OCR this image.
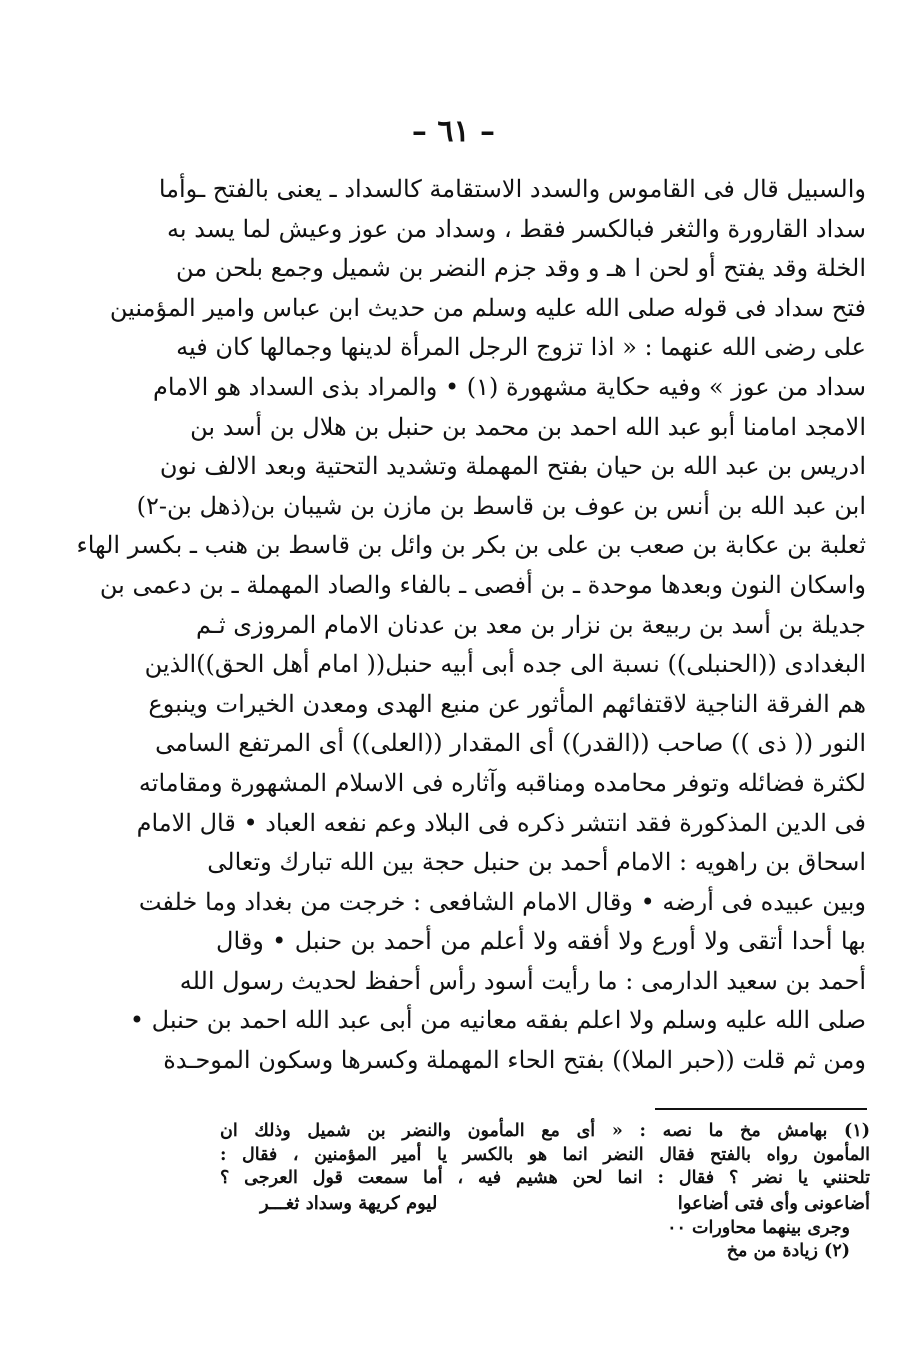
– ٦١ –
والسبيل قال فى القاموس والسدد الاستقامة كالسداد ـ يعنى بالفتح ـوأما
سداد القارورة والثغر فبالكسر فقط ، وسداد من عوز وعيش لما يسد به
الخلة وقد يفتح أو لحن ا هـ و وقد جزم النضر بن شميل وجمع بلحن من
فتح سداد فى قوله صلى الله عليه وسلم من حديث ابن عباس وامير المؤمنين
على رضى الله عنهما : « اذا تزوج الرجل المرأة لدينها وجمالها كان فيه
سداد من عوز » وفيه حكاية مشهورة (١) • والمراد بذى السداد هو الامام
الامجد امامنا أبو عبد الله احمد بن محمد بن حنبل بن هلال بن أسد بن
ادريس بن عبد الله بن حيان بفتح المهملة وتشديد التحتية وبعد الالف نون
ابن عبد الله بن أنس بن عوف بن قاسط بن مازن بن شيبان بن(ذهل بن-٢)
ثعلبة بن عكابة بن صعب بن على بن بكر بن وائل بن قاسط بن هنب ـ بكسر الهاء
واسكان النون وبعدها موحدة ـ بن أفصى ـ بالفاء والصاد المهملة ـ بن دعمى بن
جديلة بن أسد بن ربيعة بن نزار بن معد بن عدنان الامام المروزى ثـم
البغدادى ((الحنبلى)) نسبة الى جده أبى أبيه حنبل(( امام أهل الحق))الذين
هم الفرقة الناجية لاقتفائهم المأثور عن منبع الهدى ومعدن الخيرات وينبوع
النور (( ذى )) صاحب ((القدر)) أى المقدار ((العلى)) أى المرتفع السامى
لكثرة فضائله وتوفر محامده ومناقبه وآثاره فى الاسلام المشهورة ومقاماته
فى الدين المذكورة فقد انتشر ذكره فى البلاد وعم نفعه العباد • قال الامام
اسحاق بن راهويه : الامام أحمد بن حنبل حجة بين الله تبارك وتعالى
وبين عبيده فى أرضه • وقال الامام الشافعى : خرجت من بغداد وما خلفت
بها أحدا أتقى ولا أورع ولا أفقه ولا أعلم من أحمد بن حنبل • وقال
أحمد بن سعيد الدارمى : ما رأيت أسود رأس أحفظ لحديث رسول الله
صلى الله عليه وسلم ولا اعلم بفقه معانيه من أبى عبد الله احمد بن حنبل •
ومن ثم قلت ((حبر الملا)) بفتح الحاء المهملة وكسرها وسكون الموحـدة
(١) بهامش مخ ما نصه : « أى مع المأمون والنضر بن شميل وذلك ان
المأمون رواه بالفتح فقال النضر انما هو بالكسر يا أمير المؤمنين ، فقال :
تلحنني يا نضر ؟ فقال : انما لحن هشيم فيه ، أما سمعت قول العرجى ؟
أضاعونى وأى فتى أضاعوا
ليوم كريهة وسداد ثغـــر
وجرى بينهما محاورات ٠٠
(٢) زيادة من مخ
